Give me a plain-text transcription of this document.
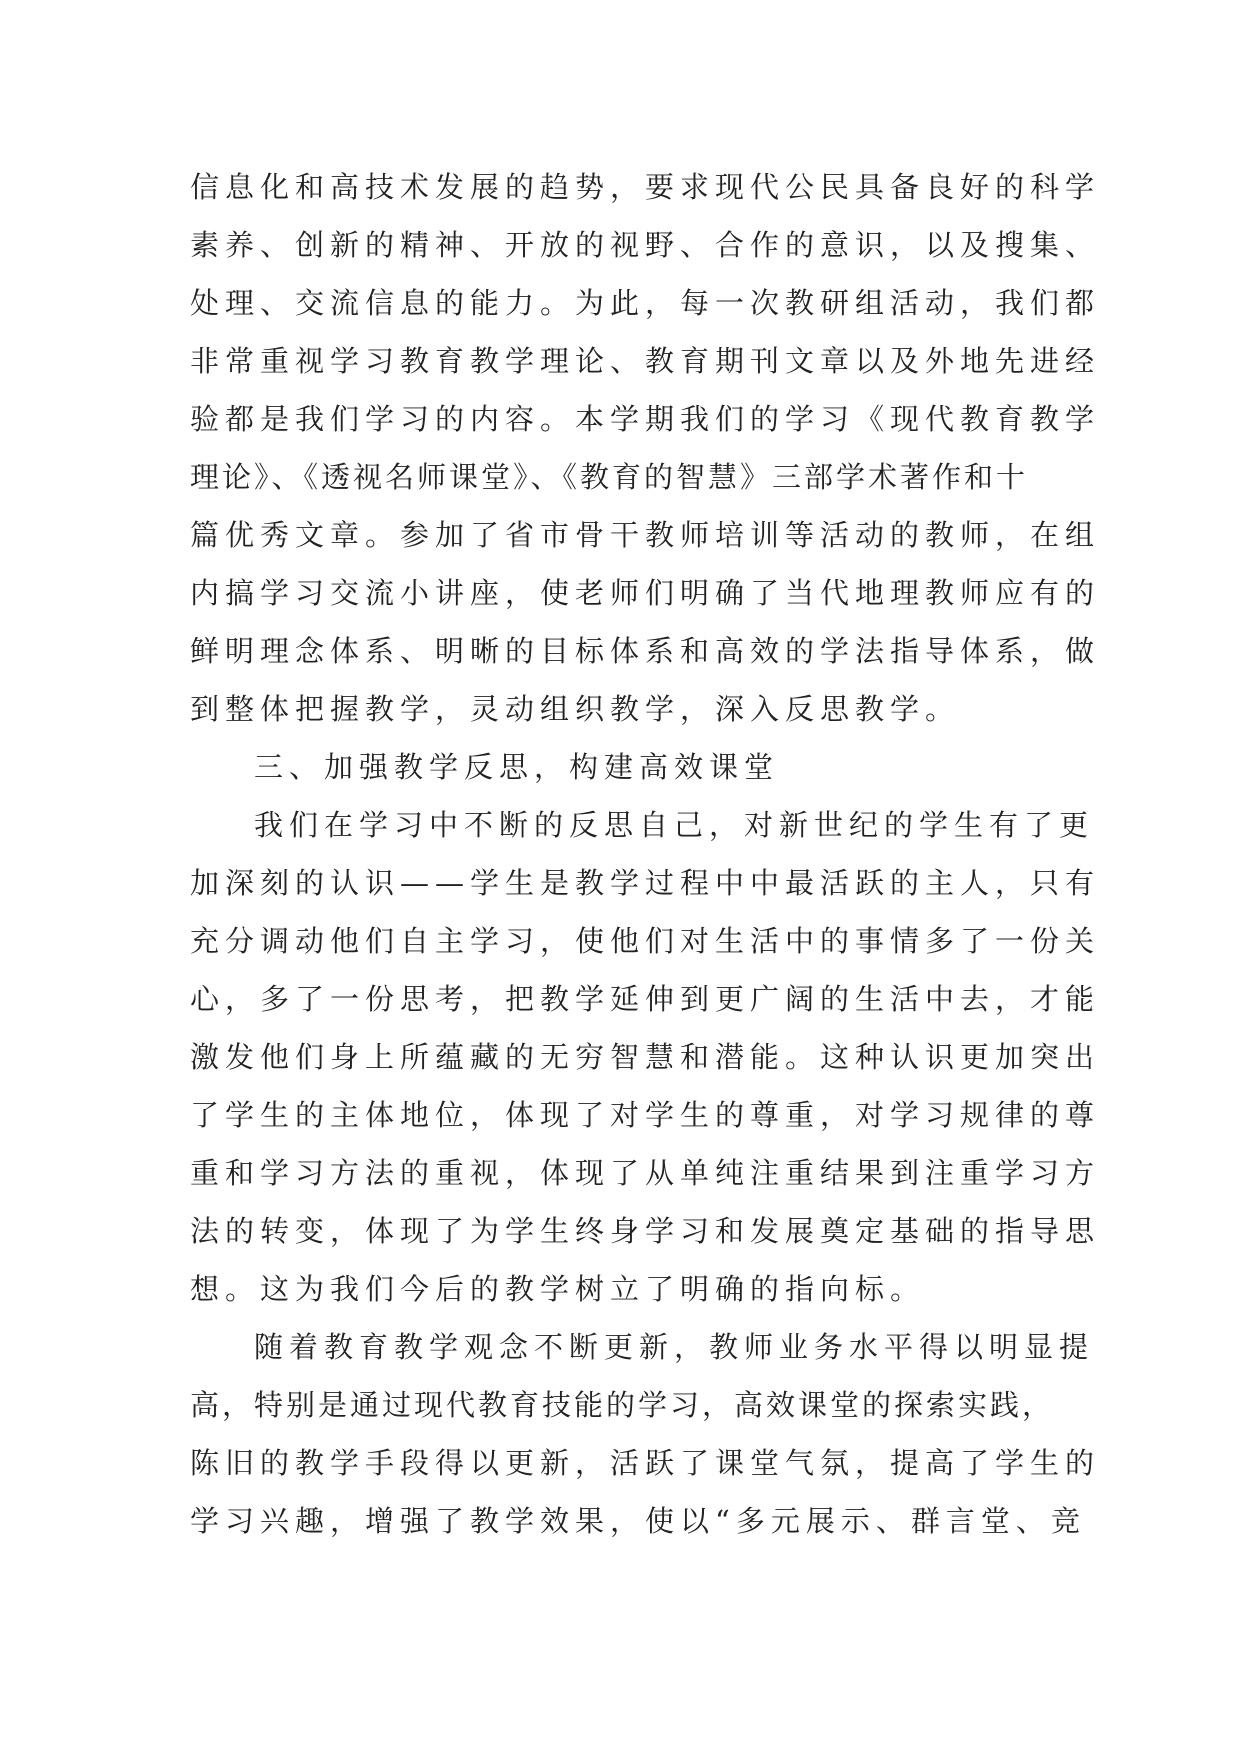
信息化和高技术发展的趋势，要求现代公民具备良好的科学
素养、创新的精神、开放的视野、合作的意识，以及搜集、
处理、交流信息的能力。为此，每一次教研组活动，我们都
非常重视学习教育教学理论、教育期刊文章以及外地先进经
验都是我们学习的内容。本学期我们的学习《现代教育教学
理论》、《透视名师课堂》、《教育的智慧》三部学术著作和十
篇优秀文章。参加了省市骨干教师培训等活动的教师，在组
内搞学习交流小讲座，使老师们明确了当代地理教师应有的
鲜明理念体系、明晰的目标体系和高效的学法指导体系，做
到整体把握教学，灵动组织教学，深入反思教学。
三、加强教学反思，构建高效课堂
我们在学习中不断的反思自己，对新世纪的学生有了更
加深刻的认识——学生是教学过程中中最活跃的主人，只有
充分调动他们自主学习，使他们对生活中的事情多了一份关
心，多了一份思考，把教学延伸到更广阔的生活中去，才能
激发他们身上所蕴藏的无穷智慧和潜能。这种认识更加突出
了学生的主体地位，体现了对学生的尊重，对学习规律的尊
重和学习方法的重视，体现了从单纯注重结果到注重学习方
法的转变，体现了为学生终身学习和发展奠定基础的指导思
想。这为我们今后的教学树立了明确的指向标。
随着教育教学观念不断更新，教师业务水平得以明显提
高，特别是通过现代教育技能的学习，高效课堂的探索实践，
陈旧的教学手段得以更新，活跃了课堂气氛，提高了学生的
学习兴趣，增强了教学效果，使以“多元展示、群言堂、竞
